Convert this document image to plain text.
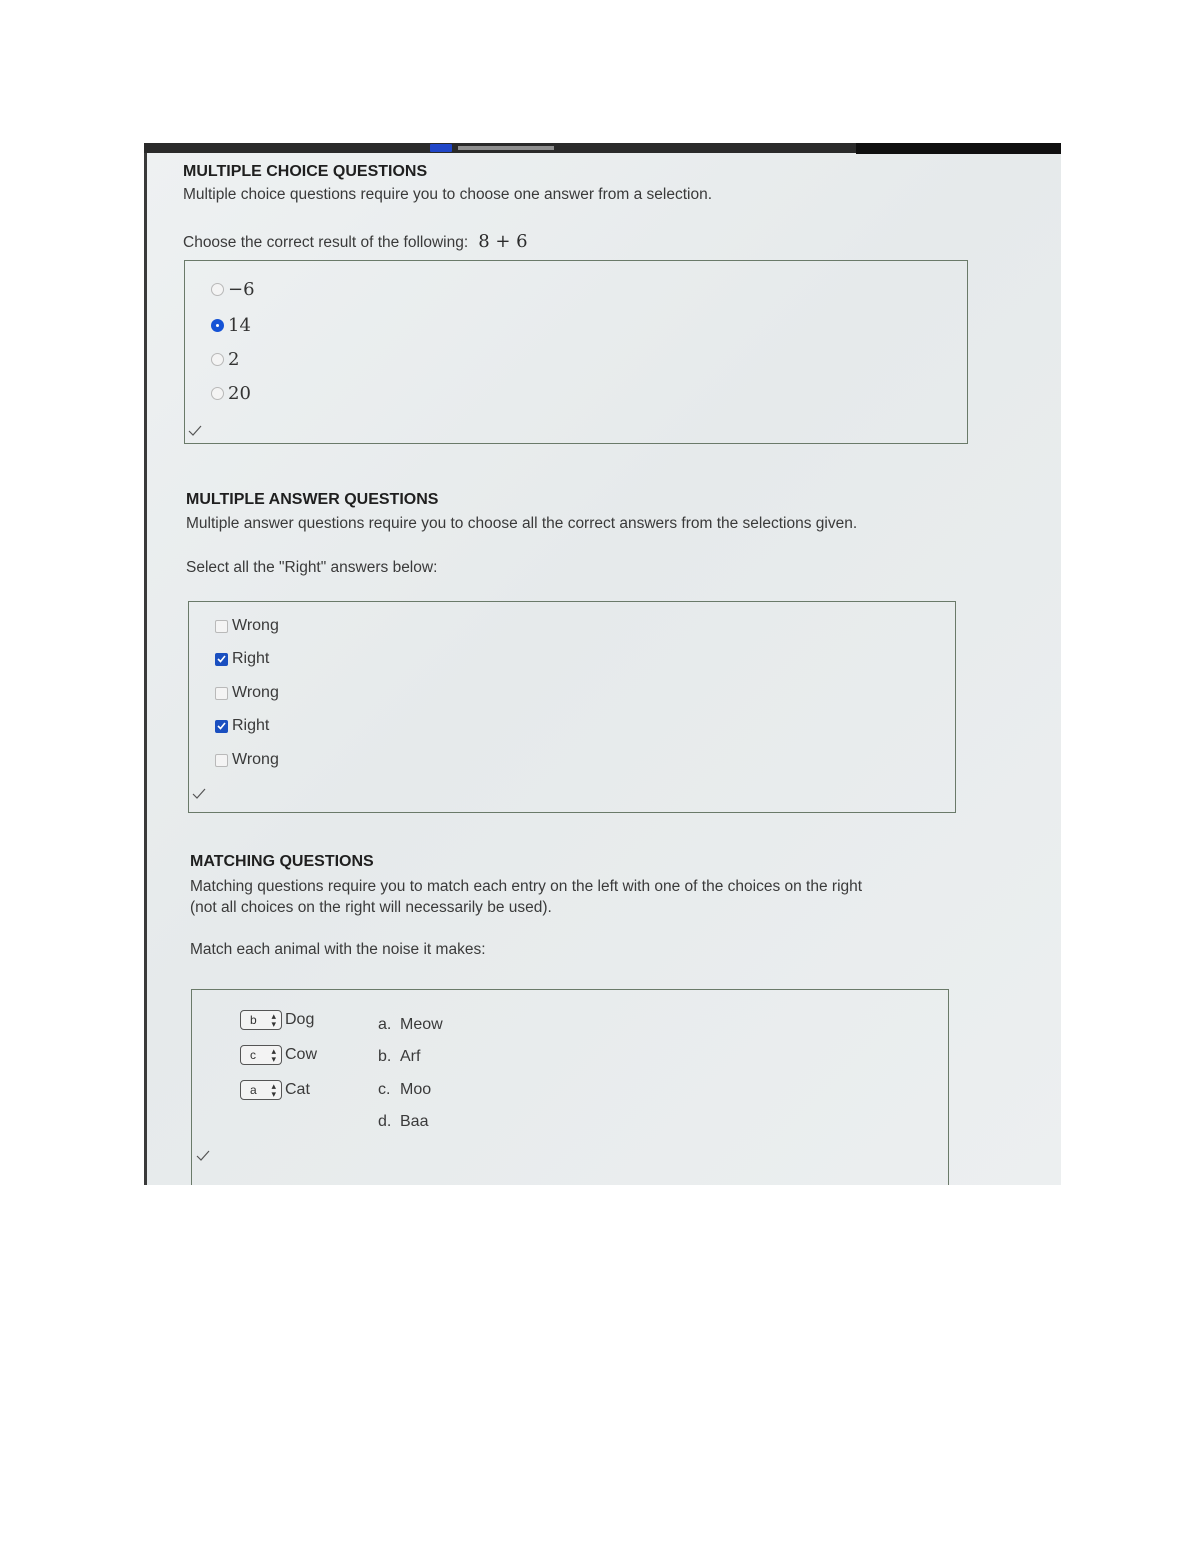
MULTIPLE CHOICE QUESTIONS
Multiple choice questions require you to choose one answer from a selection.
Choose the correct result of the following: 8 + 6
−6
14
2
20
MULTIPLE ANSWER QUESTIONS
Multiple answer questions require you to choose all the correct answers from the selections given.
Select all the "Right" answers below:
Wrong
Right
Wrong
Right
Wrong
MATCHING QUESTIONS
Matching questions require you to match each entry on the left with one of the choices on the right
(not all choices on the right will necessarily be used).
Match each animal with the noise it makes:
b ▴
▾ Dog
c ▴
▾ Cow
a ▴
▾ Cat
a. Meow
b. Arf
c. Moo
d. Baa
